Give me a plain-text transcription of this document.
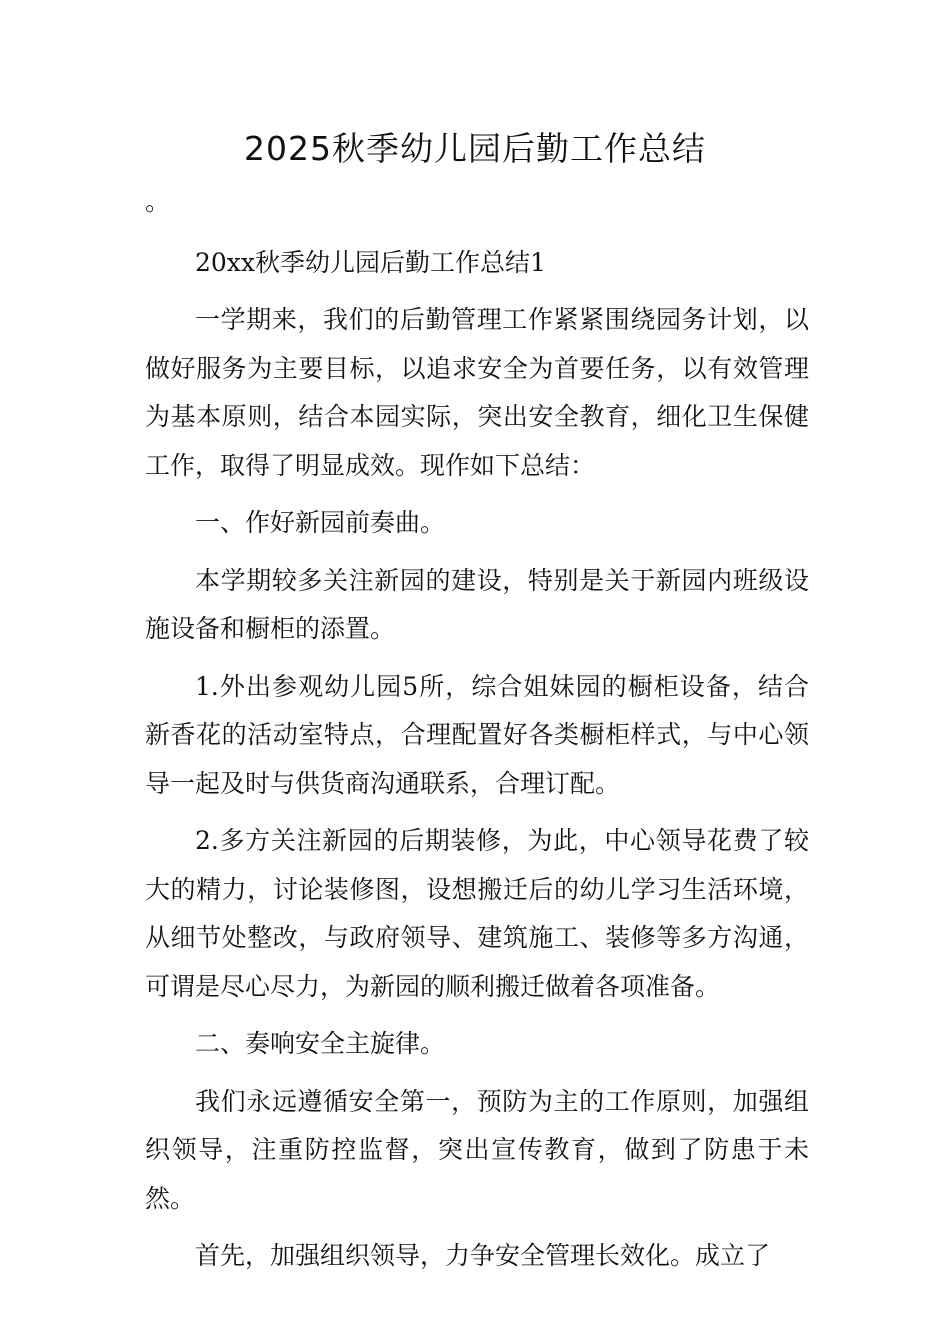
2025秋季幼儿园后勤工作总结

。

20xx秋季幼儿园后勤工作总结1

一学期来，我们的后勤管理工作紧紧围绕园务计划，以做好服务为主要目标，以追求安全为首要任务，以有效管理为基本原则，结合本园实际，突出安全教育，细化卫生保健工作，取得了明显成效。现作如下总结：

一、作好新园前奏曲。

本学期较多关注新园的建设，特别是关于新园内班级设施设备和橱柜的添置。

1.外出参观幼儿园5所，综合姐妹园的橱柜设备，结合新香花的活动室特点，合理配置好各类橱柜样式，与中心领导一起及时与供货商沟通联系，合理订配。

2.多方关注新园的后期装修，为此，中心领导花费了较大的精力，讨论装修图，设想搬迁后的幼儿学习生活环境，从细节处整改，与政府领导、建筑施工、装修等多方沟通，可谓是尽心尽力，为新园的顺利搬迁做着各项准备。

二、奏响安全主旋律。

我们永远遵循安全第一，预防为主的工作原则，加强组织领导，注重防控监督，突出宣传教育，做到了防患于未然。

首先，加强组织领导，力争安全管理长效化。成立了
